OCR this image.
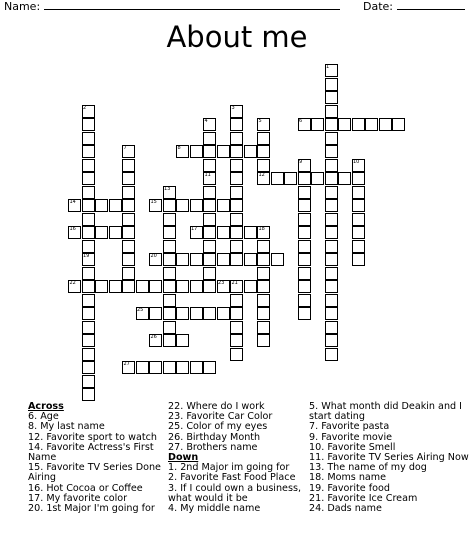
Name:	Date:
About me
1
2	3
4	5
7
9	10
11
13
18
19
21
6
8
12
14	15
16	17
20
22	23
25
26
27
Across
6. Age
8. My last name
12. Favorite sport to watch
14. Favorite Actress's First Name
15. Favorite TV Series Done Airing
16. Hot Cocoa or Coffee
17. My favorite color
20. 1st Major I'm going for
22. Where do I work
23. Favorite Car Color
25. Color of my eyes
26. Birthday Month
27. Brothers name
Down
1. 2nd Major im going for
2. Favorite Fast Food Place
3. If I could own a business, what would it be
4. My middle name
5. What month did Deakin and I start dating
7. Favorite pasta
9. Favorite movie
10. Favorite Smell
11. Favorite TV Series Airing Now
13. The name of my dog
18. Moms name
19. Favorite food
21. Favorite Ice Cream
24. Dads name
